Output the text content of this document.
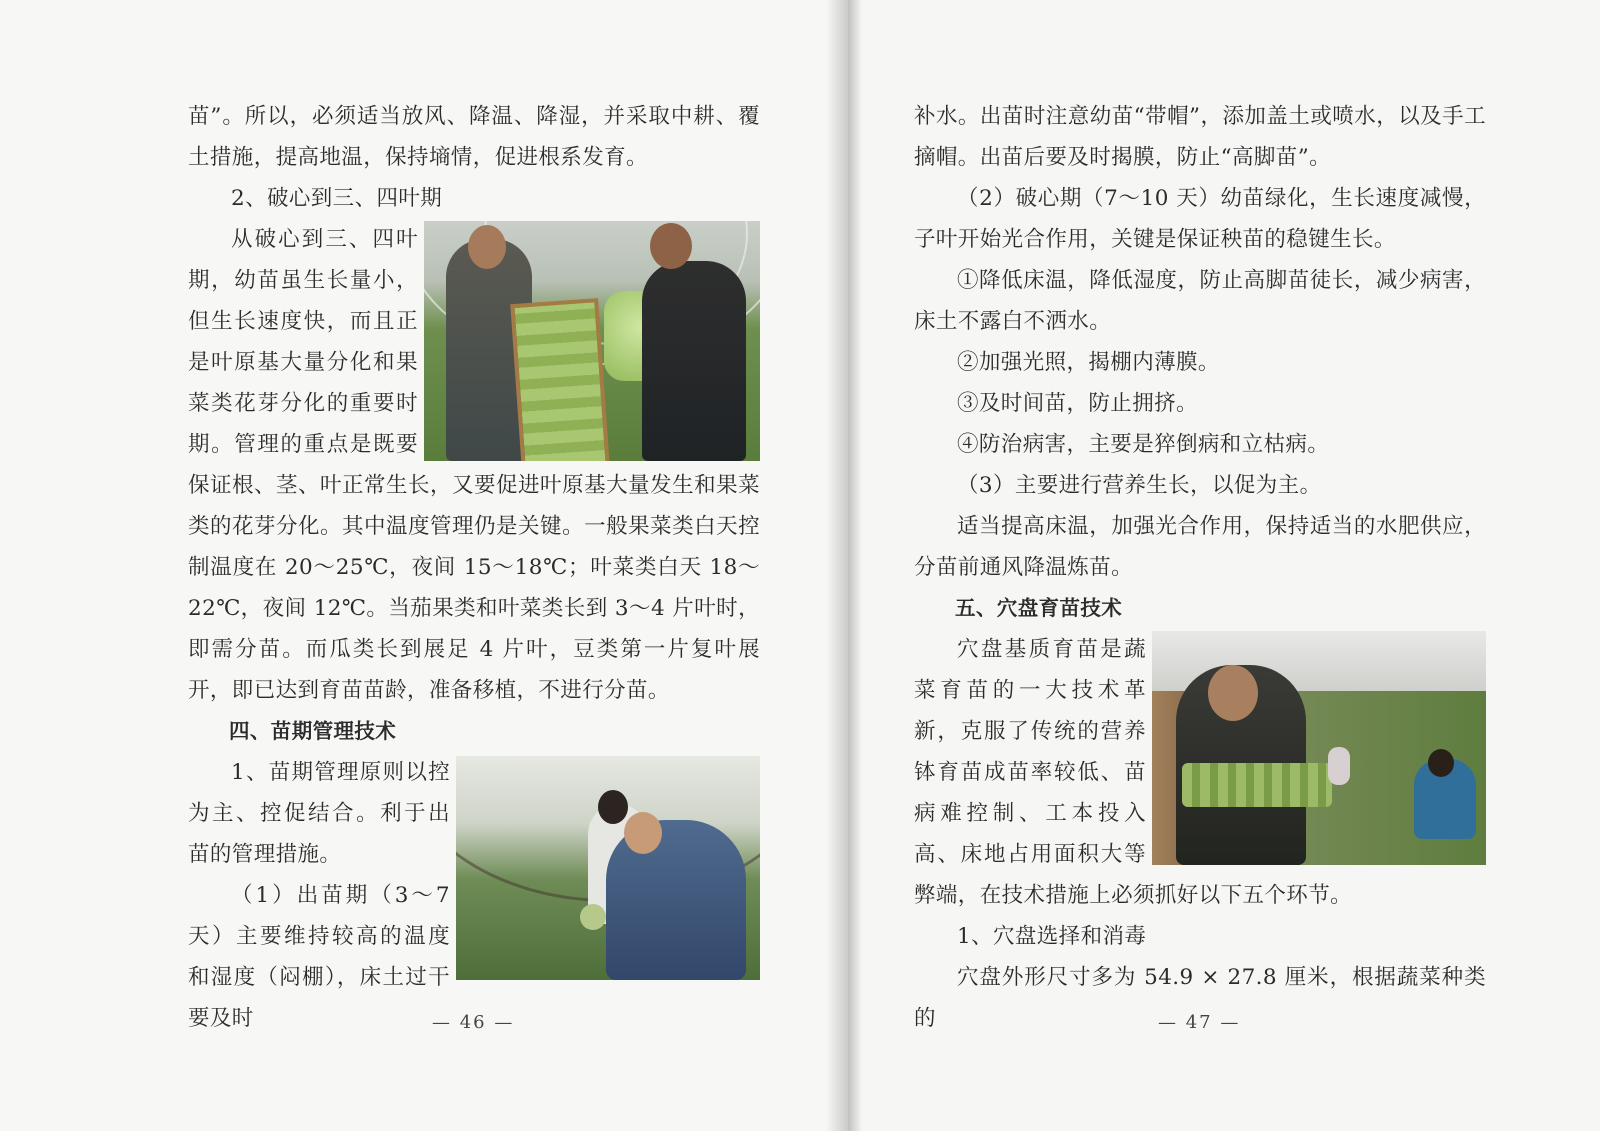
苗”。所以，必须适当放风、降温、降湿，并采取中耕、覆土措施，提高地温，保持墒情，促进根系发育。

2、破心到三、四叶期

从破心到三、四叶期，幼苗虽生长量小，但生长速度快，而且正是叶原基大量分化和果菜类花芽分化的重要时期。管理的重点是既要保证根、茎、叶正常生长，又要促进叶原基大量发生和果菜类的花芽分化。其中温度管理仍是关键。一般果菜类白天控制温度在 20～25℃，夜间 15～18℃；叶菜类白天 18～22℃，夜间 12℃。当茄果类和叶菜类长到 3～4 片叶时，即需分苗。而瓜类长到展足 4 片叶，豆类第一片复叶展开，即已达到育苗苗龄，准备移植，不进行分苗。

四、苗期管理技术

1、苗期管理原则以控为主、控促结合。利于出苗的管理措施。

（1）出苗期（3～7 天）主要维持较高的温度和湿度（闷棚），床土过干要及时	— 46 —

补水。出苗时注意幼苗“带帽”，添加盖土或喷水，以及手工摘帽。出苗后要及时揭膜，防止“高脚苗”。

（2）破心期（7～10 天）幼苗绿化，生长速度减慢，子叶开始光合作用，关键是保证秧苗的稳键生长。

①降低床温，降低湿度，防止高脚苗徒长，减少病害，床土不露白不洒水。

②加强光照，揭棚内薄膜。

③及时间苗，防止拥挤。

④防治病害，主要是猝倒病和立枯病。

（3）主要进行营养生长，以促为主。

适当提高床温，加强光合作用，保持适当的水肥供应，分苗前通风降温炼苗。

五、穴盘育苗技术

穴盘基质育苗是蔬菜育苗的一大技术革新，克服了传统的营养钵育苗成苗率较低、苗病难控制、工本投入高、床地占用面积大等弊端，在技术措施上必须抓好以下五个环节。

1、穴盘选择和消毒

穴盘外形尺寸多为 54.9 × 27.8 厘米，根据蔬菜种类的	— 47 —
